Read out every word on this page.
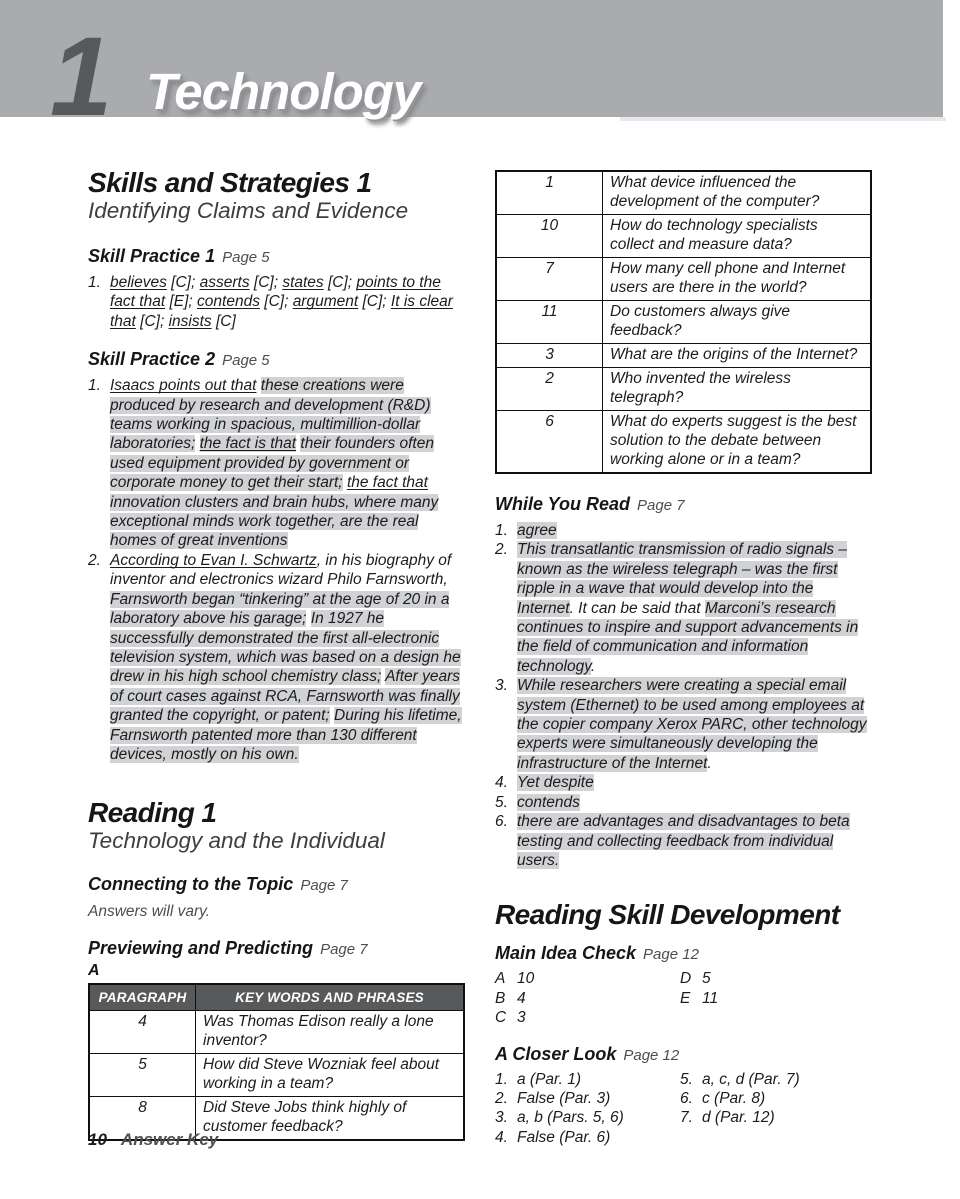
1 Technology
Skills and Strategies 1
Identifying Claims and Evidence
Skill Practice 1 Page 5
1. believes [C]; asserts [C]; states [C]; points to the fact that [E]; contends [C]; argument [C]; It is clear that [C]; insists [C]
Skill Practice 2 Page 5
1. Isaacs points out that these creations were produced by research and development (R&D) teams working in spacious, multimillion-dollar laboratories; the fact is that their founders often used equipment provided by government or corporate money to get their start; the fact that innovation clusters and brain hubs, where many exceptional minds work together, are the real homes of great inventions
2. According to Evan I. Schwartz, in his biography of inventor and electronics wizard Philo Farnsworth, Farnsworth began “tinkering” at the age of 20 in a laboratory above his garage; In 1927 he successfully demonstrated the first all-electronic television system, which was based on a design he drew in his high school chemistry class; After years of court cases against RCA, Farnsworth was finally granted the copyright, or patent; During his lifetime, Farnsworth patented more than 130 different devices, mostly on his own.
Reading 1
Technology and the Individual
Connecting to the Topic Page 7
Answers will vary.
Previewing and Predicting Page 7
A
PARAGRAPH	KEY WORDS AND PHRASES
4	Was Thomas Edison really a lone inventor?
5	How did Steve Wozniak feel about working in a team?
8	Did Steve Jobs think highly of customer feedback?
1	What device influenced the development of the computer?
10	How do technology specialists collect and measure data?
7	How many cell phone and Internet users are there in the world?
11	Do customers always give feedback?
3	What are the origins of the Internet?
2	Who invented the wireless telegraph?
6	What do experts suggest is the best solution to the debate between working alone or in a team?
While You Read Page 7
1. agree
2. This transatlantic transmission of radio signals – known as the wireless telegraph – was the first ripple in a wave that would develop into the Internet. It can be said that Marconi’s research continues to inspire and support advancements in the field of communication and information technology.
3. While researchers were creating a special email system (Ethernet) to be used among employees at the copier company Xerox PARC, other technology experts were simultaneously developing the infrastructure of the Internet.
4. Yet despite
5. contends
6. there are advantages and disadvantages to beta testing and collecting feedback from individual users.
Reading Skill Development
Main Idea Check Page 12
A 10
B 4
C 3
D 5
E 11
A Closer Look Page 12
1. a (Par. 1)
2. False (Par. 3)
3. a, b (Pars. 5, 6)
4. False (Par. 6)
5. a, c, d (Par. 7)
6. c (Par. 8)
7. d (Par. 12)
10 Answer Key
